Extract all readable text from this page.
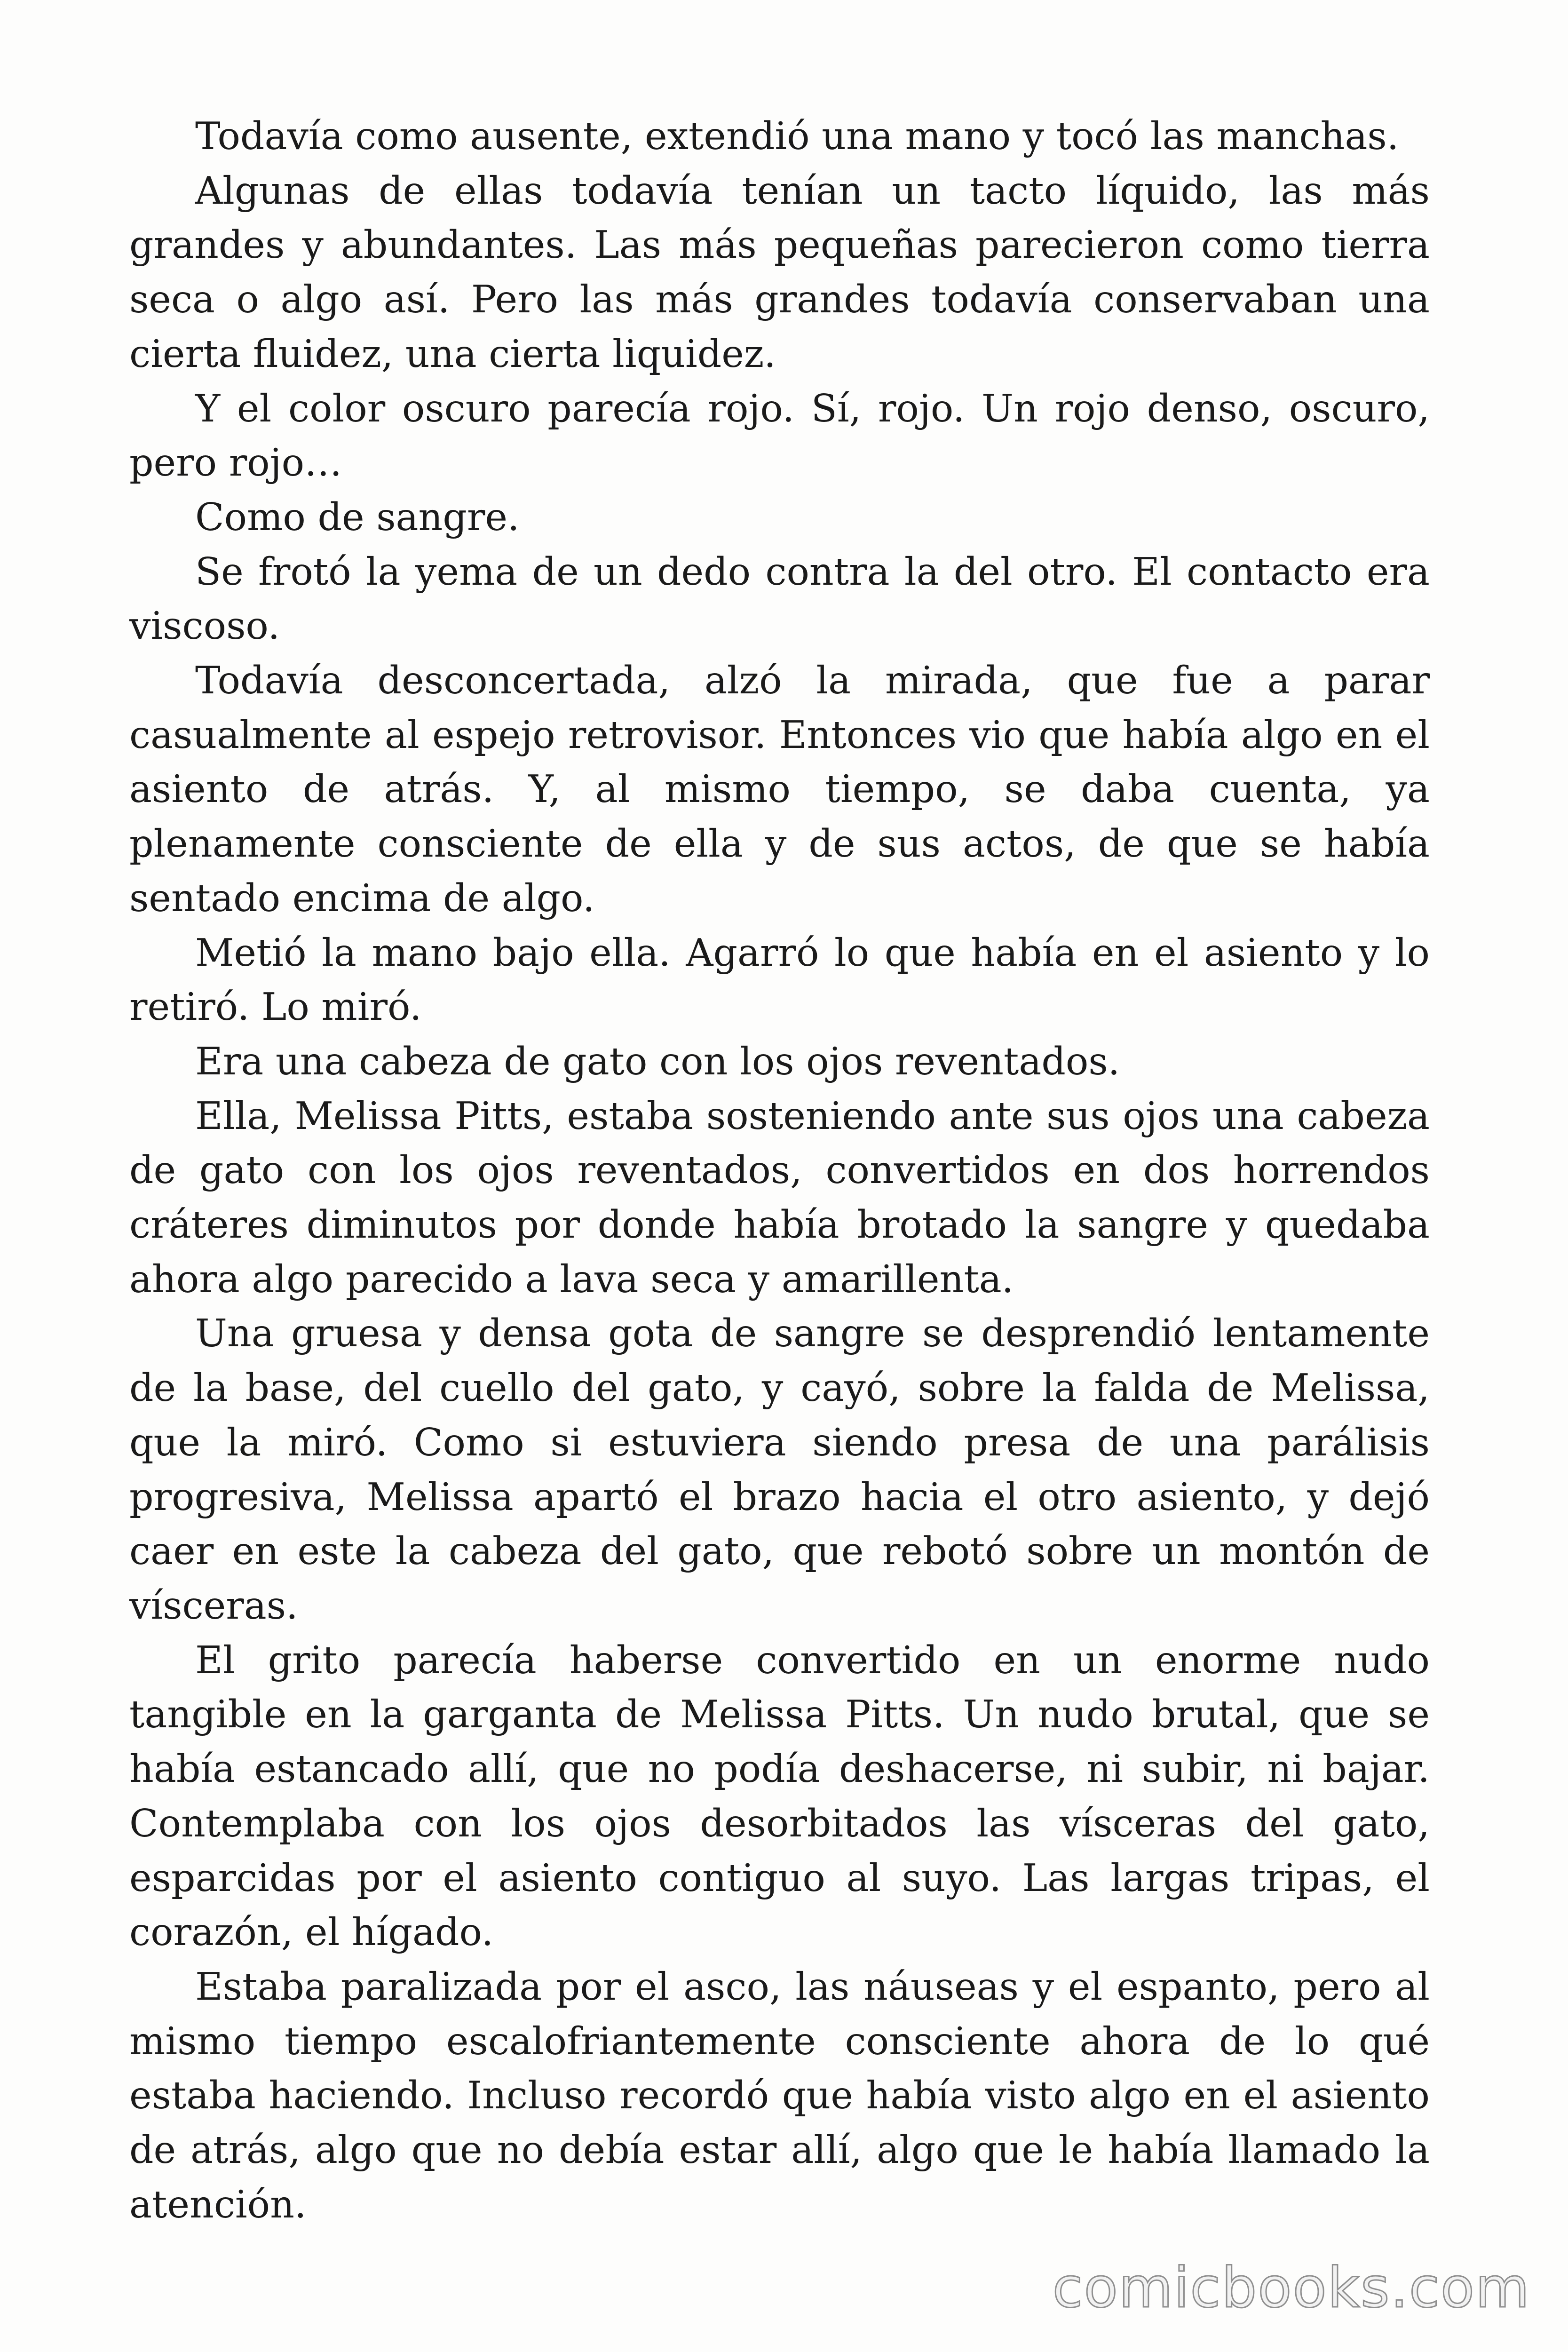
Todavía como ausente, extendió una mano y tocó las manchas.

Algunas de ellas todavía tenían un tacto líquido, las más grandes y abundantes. Las más pequeñas parecieron como tierra seca o algo así. Pero las más grandes todavía conservaban una cierta fluidez, una cierta liquidez.

Y el color oscuro parecía rojo. Sí, rojo. Un rojo denso, oscuro, pero rojo…

Como de sangre.

Se frotó la yema de un dedo contra la del otro. El contacto era viscoso.

Todavía desconcertada, alzó la mirada, que fue a parar casualmente al espejo retrovisor. Entonces vio que había algo en el asiento de atrás. Y, al mismo tiempo, se daba cuenta, ya plenamente consciente de ella y de sus actos, de que se había sentado encima de algo.

Metió la mano bajo ella. Agarró lo que había en el asiento y lo retiró. Lo miró.

Era una cabeza de gato con los ojos reventados.

Ella, Melissa Pitts, estaba sosteniendo ante sus ojos una cabeza de gato con los ojos reventados, convertidos en dos horrendos cráteres diminutos por donde había brotado la sangre y quedaba ahora algo parecido a lava seca y amarillenta.

Una gruesa y densa gota de sangre se desprendió lentamente de la base, del cuello del gato, y cayó, sobre la falda de Melissa, que la miró. Como si estuviera siendo presa de una parálisis progresiva, Melissa apartó el brazo hacia el otro asiento, y dejó caer en este la cabeza del gato, que rebotó sobre un montón de vísceras.

El grito parecía haberse convertido en un enorme nudo tangible en la garganta de Melissa Pitts. Un nudo brutal, que se había estancado allí, que no podía deshacerse, ni subir, ni bajar. Contemplaba con los ojos desorbitados las vísceras del gato, esparcidas por el asiento contiguo al suyo. Las largas tripas, el corazón, el hígado.

Estaba paralizada por el asco, las náuseas y el espanto, pero al mismo tiempo escalofriantemente consciente ahora de lo qué estaba haciendo. Incluso recordó que había visto algo en el asiento de atrás, algo que no debía estar allí, algo que le había llamado la atención.

comicbooks.com
